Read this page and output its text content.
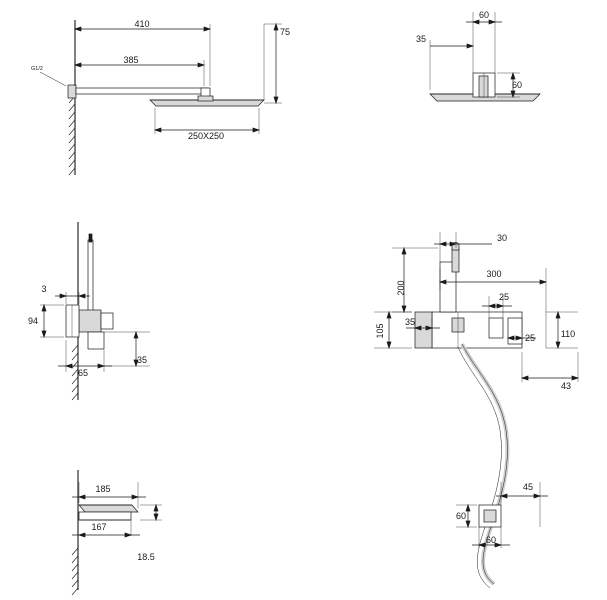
410
385
75
250X250
G1/2
60
35
60
3
94
65
35
30
200
300
25
105
35
25	110
43
185
167
18.5
45
60
60
